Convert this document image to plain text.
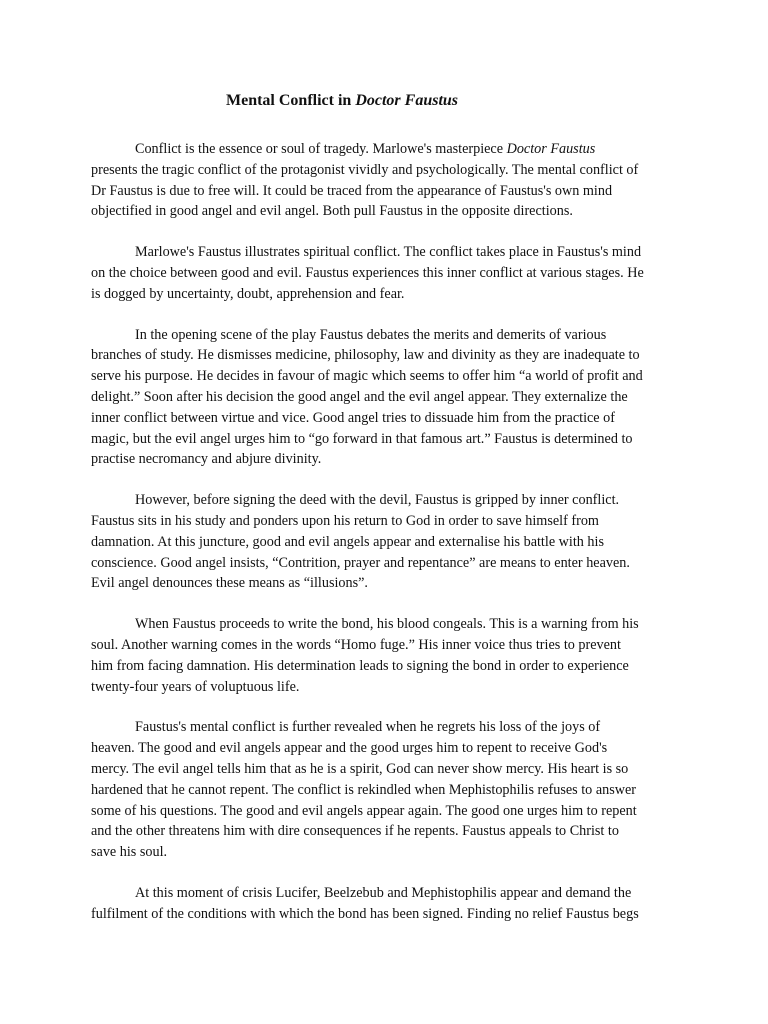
Mental Conflict in Doctor Faustus

Conflict is the essence or soul of tragedy. Marlowe's masterpiece Doctor Faustus
presents the tragic conflict of the protagonist vividly and psychologically. The mental conflict of
Dr Faustus is due to free will. It could be traced from the appearance of Faustus's own mind
objectified in good angel and evil angel. Both pull Faustus in the opposite directions.

Marlowe's Faustus illustrates spiritual conflict. The conflict takes place in Faustus's mind
on the choice between good and evil. Faustus experiences this inner conflict at various stages. He
is dogged by uncertainty, doubt, apprehension and fear.

In the opening scene of the play Faustus debates the merits and demerits of various
branches of study. He dismisses medicine, philosophy, law and divinity as they are inadequate to
serve his purpose. He decides in favour of magic which seems to offer him “a world of profit and
delight.” Soon after his decision the good angel and the evil angel appear. They externalize the
inner conflict between virtue and vice. Good angel tries to dissuade him from the practice of
magic, but the evil angel urges him to “go forward in that famous art.” Faustus is determined to
practise necromancy and abjure divinity.

However, before signing the deed with the devil, Faustus is gripped by inner conflict.
Faustus sits in his study and ponders upon his return to God in order to save himself from
damnation. At this juncture, good and evil angels appear and externalise his battle with his
conscience. Good angel insists, “Contrition, prayer and repentance” are means to enter heaven.
Evil angel denounces these means as “illusions”.

When Faustus proceeds to write the bond, his blood congeals. This is a warning from his
soul. Another warning comes in the words “Homo fuge.” His inner voice thus tries to prevent
him from facing damnation. His determination leads to signing the bond in order to experience
twenty-four years of voluptuous life.

Faustus's mental conflict is further revealed when he regrets his loss of the joys of
heaven. The good and evil angels appear and the good urges him to repent to receive God's
mercy. The evil angel tells him that as he is a spirit, God can never show mercy. His heart is so
hardened that he cannot repent. The conflict is rekindled when Mephistophilis refuses to answer
some of his questions. The good and evil angels appear again. The good one urges him to repent
and the other threatens him with dire consequences if he repents. Faustus appeals to Christ to
save his soul.

At this moment of crisis Lucifer, Beelzebub and Mephistophilis appear and demand the
fulfilment of the conditions with which the bond has been signed. Finding no relief Faustus begs
